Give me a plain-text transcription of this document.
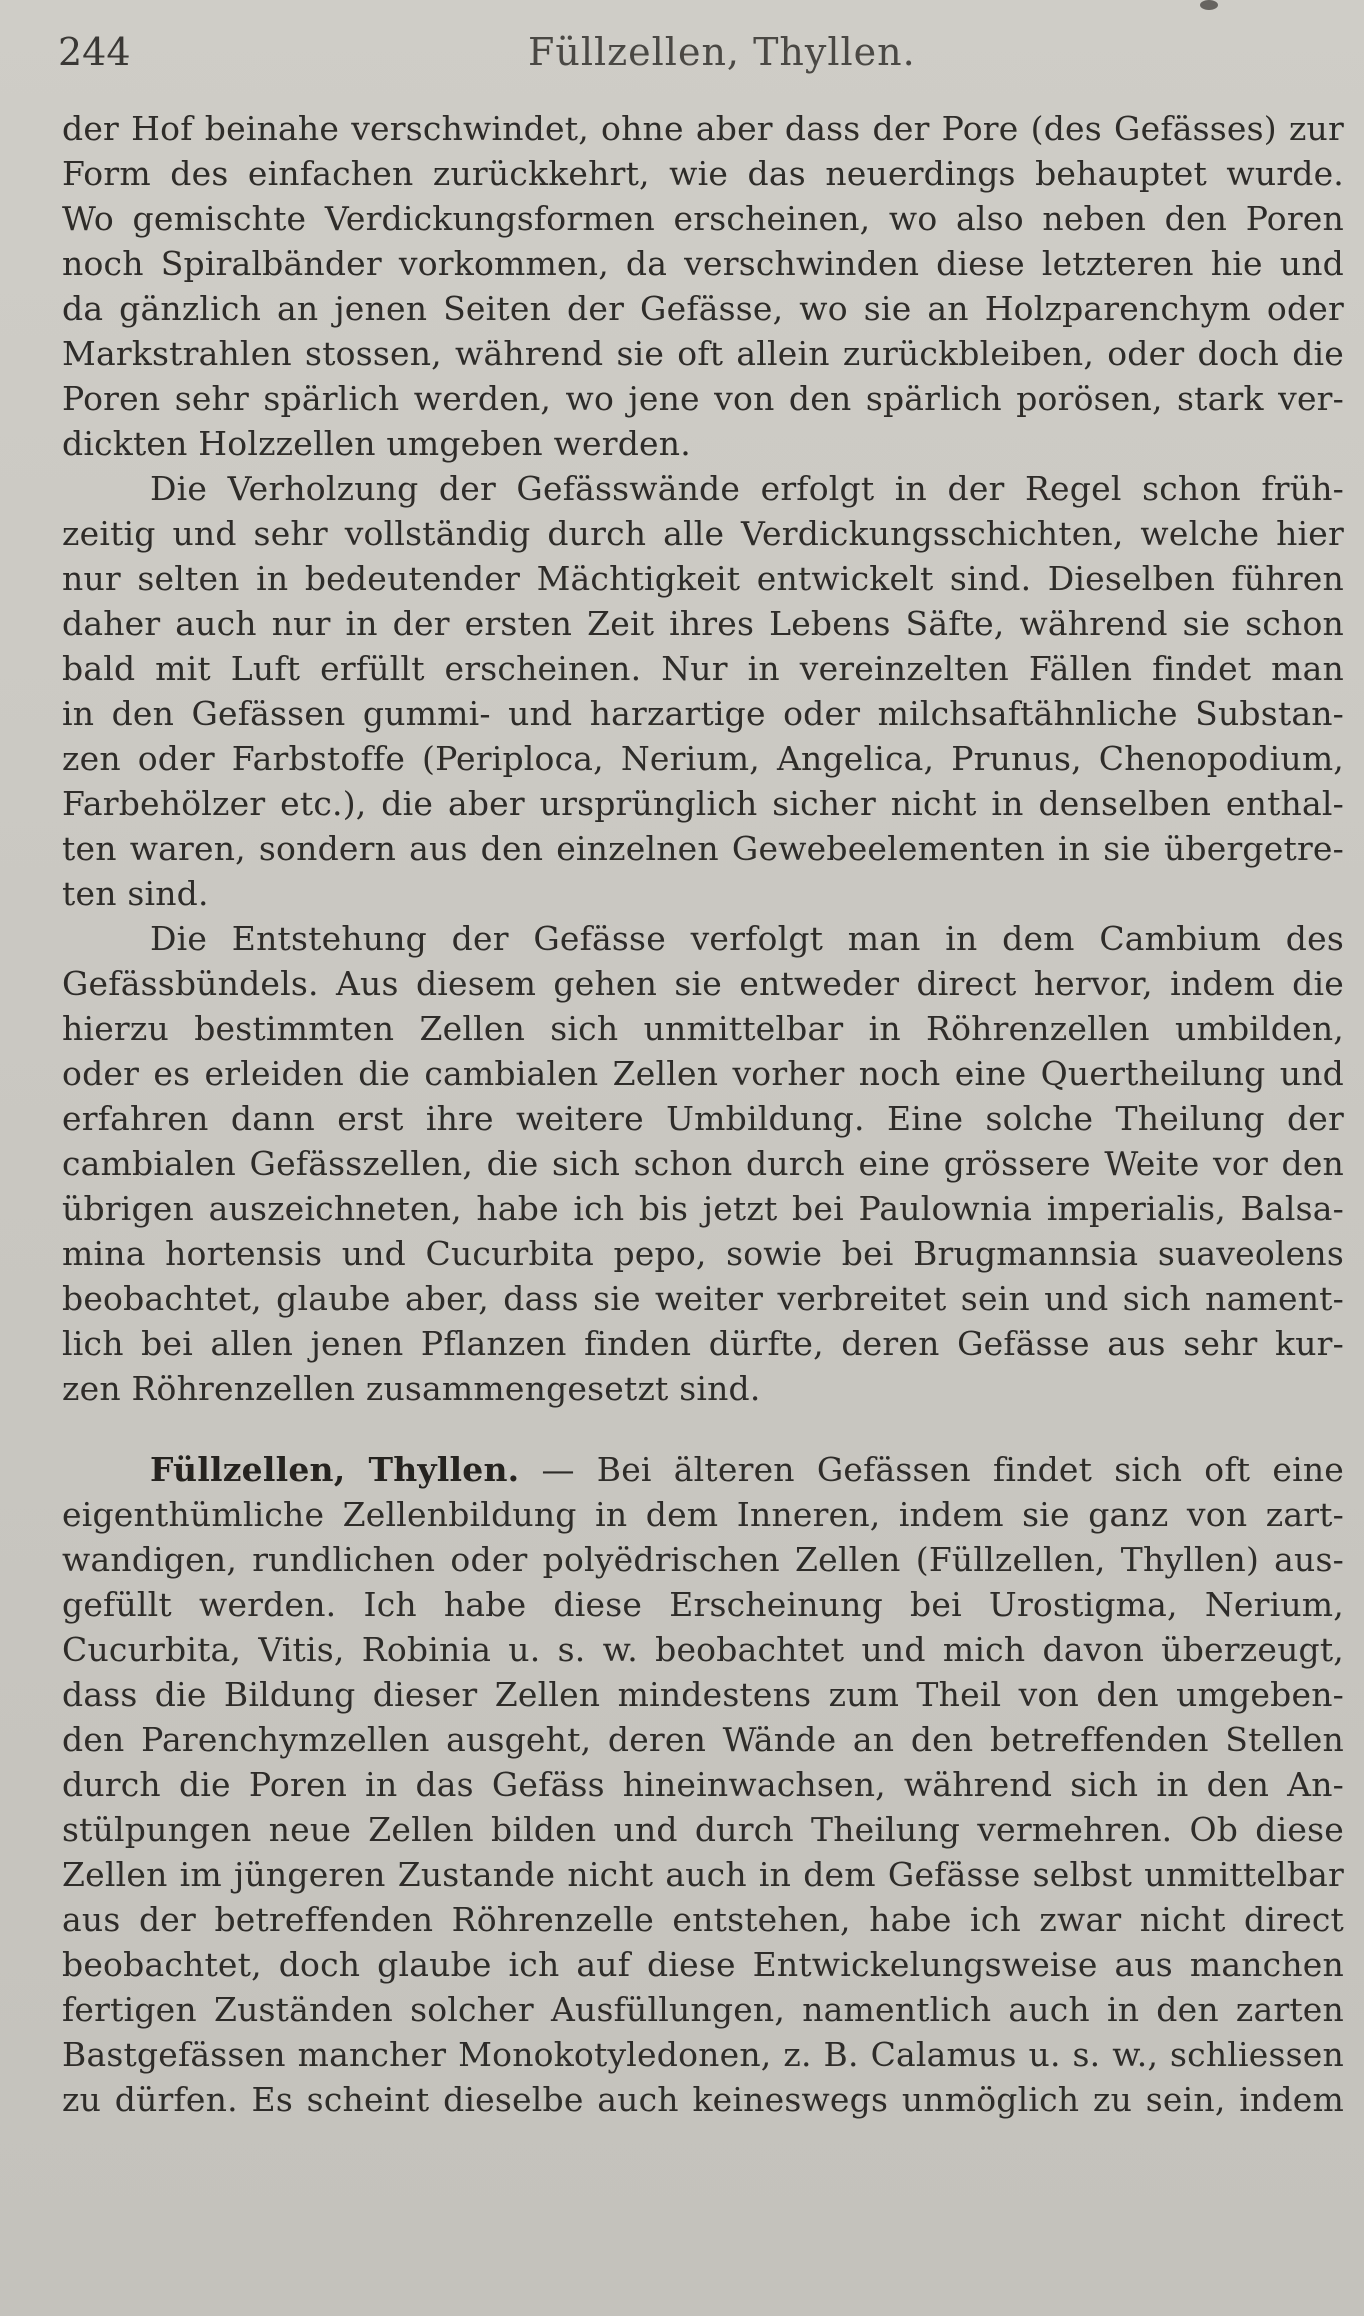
244	Füllzellen, Thyllen.
der Hof beinahe verschwindet, ohne aber dass der Pore (des Gefässes) zur
Form des einfachen zurückkehrt, wie das neuerdings behauptet wurde.
Wo gemischte Verdickungsformen erscheinen, wo also neben den Poren
noch Spiralbänder vorkommen, da verschwinden diese letzteren hie und
da gänzlich an jenen Seiten der Gefässe, wo sie an Holzparenchym oder
Markstrahlen stossen, während sie oft allein zurückbleiben, oder doch die
Poren sehr spärlich werden, wo jene von den spärlich porösen, stark ver-
dickten Holzzellen umgeben werden.
Die Verholzung der Gefässwände erfolgt in der Regel schon früh-
zeitig und sehr vollständig durch alle Verdickungsschichten, welche hier
nur selten in bedeutender Mächtigkeit entwickelt sind. Dieselben führen
daher auch nur in der ersten Zeit ihres Lebens Säfte, während sie schon
bald mit Luft erfüllt erscheinen. Nur in vereinzelten Fällen findet man
in den Gefässen gummi- und harzartige oder milchsaftähnliche Substan-
zen oder Farbstoffe (Periploca, Nerium, Angelica, Prunus, Chenopodium,
Farbehölzer etc.), die aber ursprünglich sicher nicht in denselben enthal-
ten waren, sondern aus den einzelnen Gewebeelementen in sie übergetre-
ten sind.
Die Entstehung der Gefässe verfolgt man in dem Cambium des
Gefässbündels. Aus diesem gehen sie entweder direct hervor, indem die
hierzu bestimmten Zellen sich unmittelbar in Röhrenzellen umbilden,
oder es erleiden die cambialen Zellen vorher noch eine Quertheilung und
erfahren dann erst ihre weitere Umbildung. Eine solche Theilung der
cambialen Gefässzellen, die sich schon durch eine grössere Weite vor den
übrigen auszeichneten, habe ich bis jetzt bei Paulownia imperialis, Balsa-
mina hortensis und Cucurbita pepo, sowie bei Brugmannsia suaveolens
beobachtet, glaube aber, dass sie weiter verbreitet sein und sich nament-
lich bei allen jenen Pflanzen finden dürfte, deren Gefässe aus sehr kur-
zen Röhrenzellen zusammengesetzt sind.
Füllzellen, Thyllen. — Bei älteren Gefässen findet sich oft eine
eigenthümliche Zellenbildung in dem Inneren, indem sie ganz von zart-
wandigen, rundlichen oder polyëdrischen Zellen (Füllzellen, Thyllen) aus-
gefüllt werden. Ich habe diese Erscheinung bei Urostigma, Nerium,
Cucurbita, Vitis, Robinia u. s. w. beobachtet und mich davon überzeugt,
dass die Bildung dieser Zellen mindestens zum Theil von den umgeben-
den Parenchymzellen ausgeht, deren Wände an den betreffenden Stellen
durch die Poren in das Gefäss hineinwachsen, während sich in den An-
stülpungen neue Zellen bilden und durch Theilung vermehren. Ob diese
Zellen im jüngeren Zustande nicht auch in dem Gefässe selbst unmittelbar
aus der betreffenden Röhrenzelle entstehen, habe ich zwar nicht direct
beobachtet, doch glaube ich auf diese Entwickelungsweise aus manchen
fertigen Zuständen solcher Ausfüllungen, namentlich auch in den zarten
Bastgefässen mancher Monokotyledonen, z. B. Calamus u. s. w., schliessen
zu dürfen. Es scheint dieselbe auch keineswegs unmöglich zu sein, indem
